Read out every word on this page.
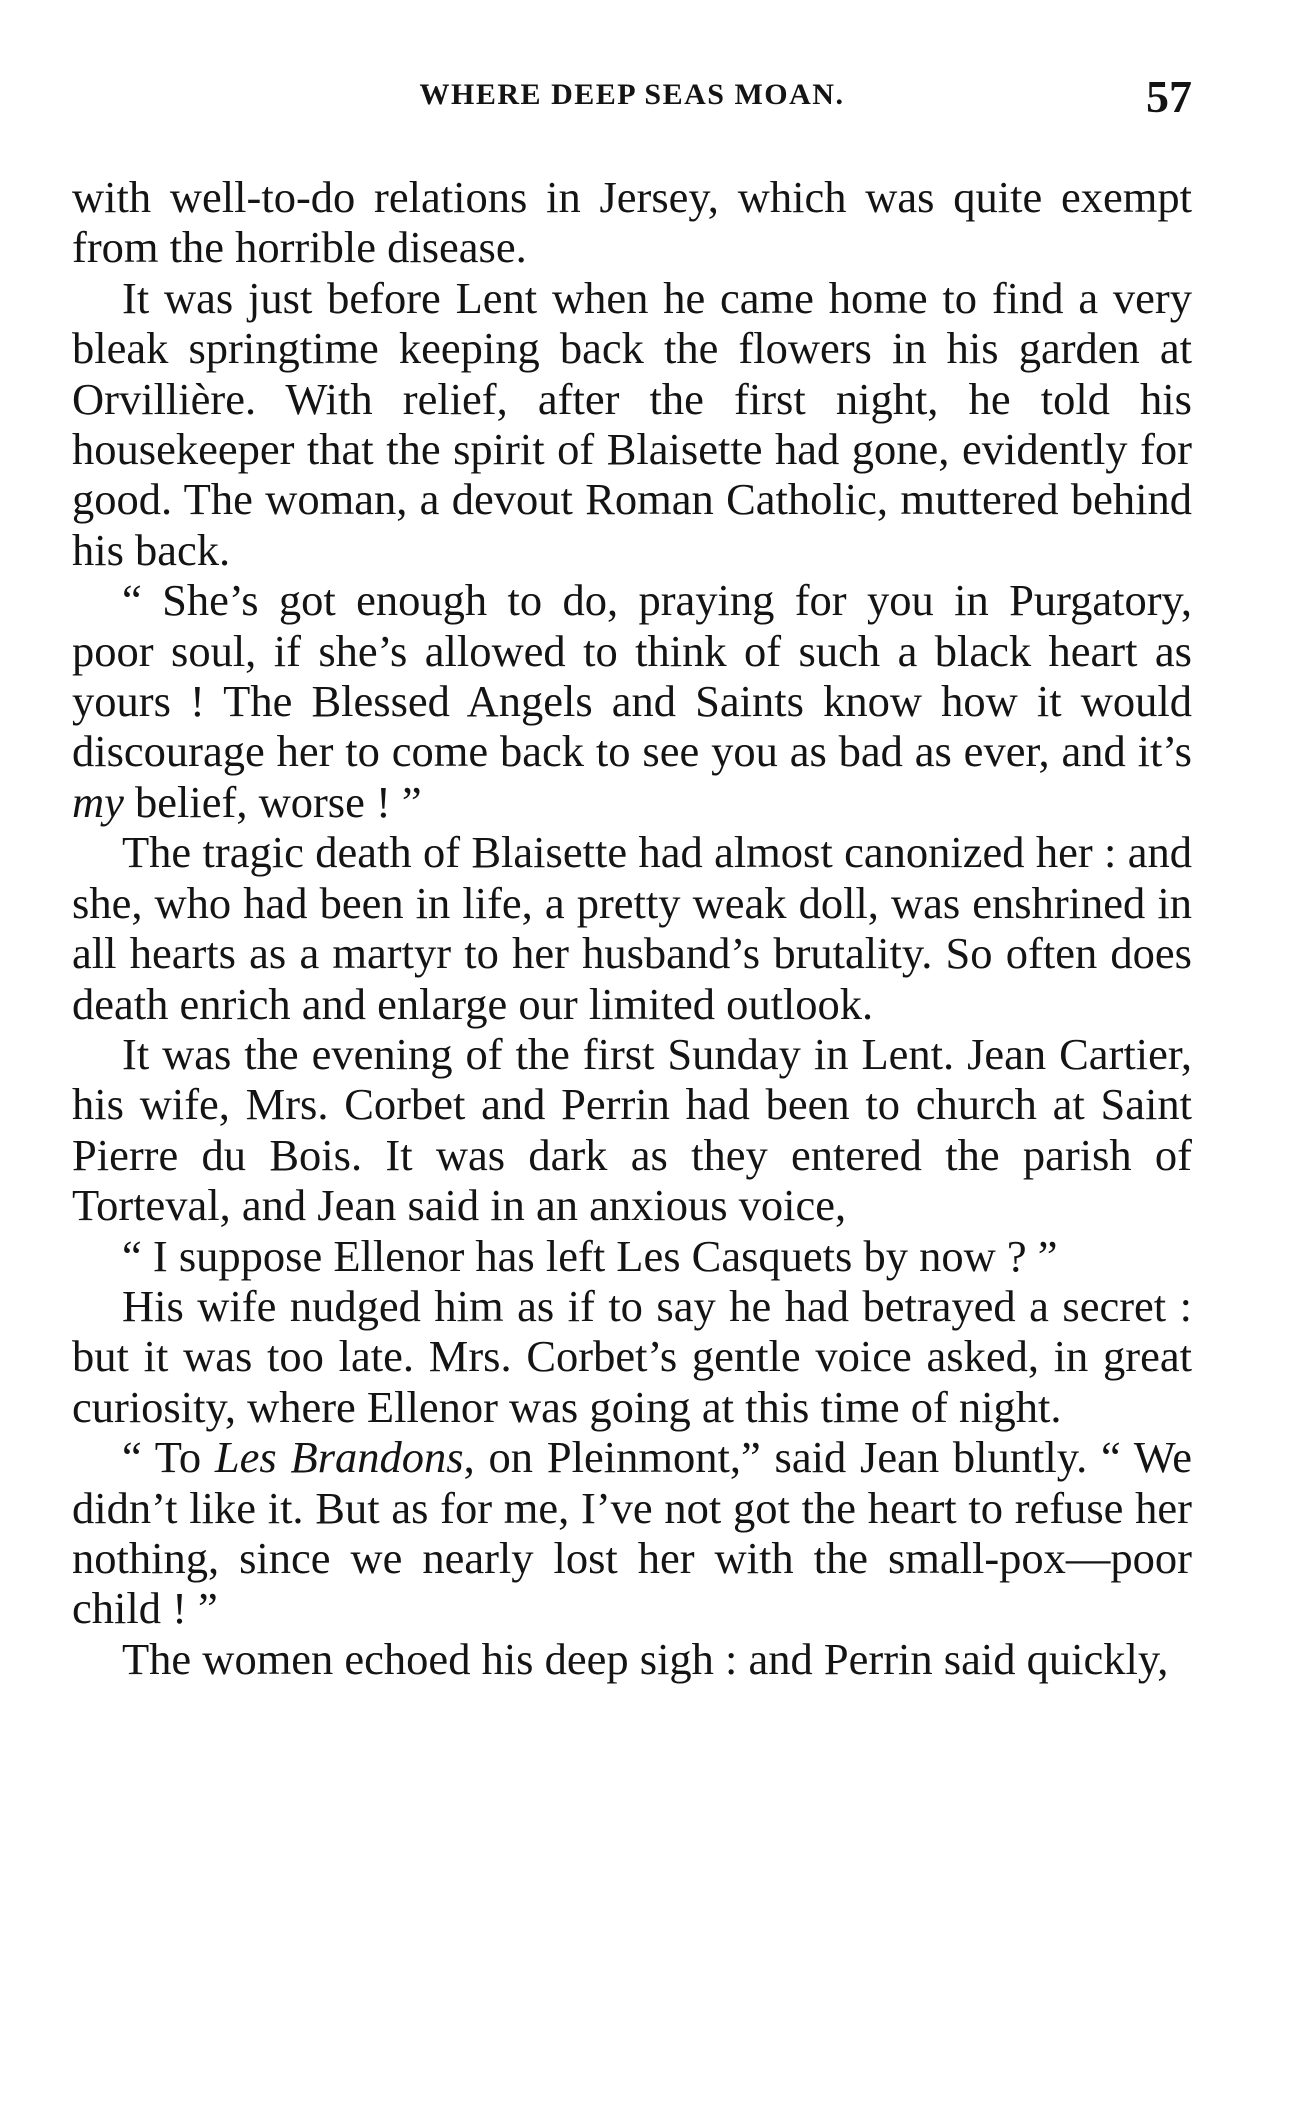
WHERE DEEP SEAS MOAN.	57

with well-to-do relations in Jersey, which was quite exempt from the horrible disease.

It was just before Lent when he came home to find a very bleak springtime keeping back the flowers in his garden at Orvillière. With relief, after the first night, he told his housekeeper that the spirit of Blaisette had gone, evidently for good. The woman, a devout Roman Catholic, muttered behind his back.

“ She’s got enough to do, praying for you in Purgatory, poor soul, if she’s allowed to think of such a black heart as yours ! The Blessed Angels and Saints know how it would discourage her to come back to see you as bad as ever, and it’s my belief, worse ! ”

The tragic death of Blaisette had almost canonized her : and she, who had been in life, a pretty weak doll, was enshrined in all hearts as a martyr to her husband’s brutality. So often does death enrich and enlarge our limited outlook.

It was the evening of the first Sunday in Lent. Jean Cartier, his wife, Mrs. Corbet and Perrin had been to church at Saint Pierre du Bois. It was dark as they entered the parish of Torteval, and Jean said in an anxious voice,

“ I suppose Ellenor has left Les Casquets by now ? ”

His wife nudged him as if to say he had betrayed a secret : but it was too late. Mrs. Corbet’s gentle voice asked, in great curiosity, where Ellenor was going at this time of night.

“ To Les Brandons, on Pleinmont,” said Jean bluntly. “ We didn’t like it. But as for me, I’ve not got the heart to refuse her nothing, since we nearly lost her with the small-pox—poor child ! ”

The women echoed his deep sigh : and Perrin said quickly,
